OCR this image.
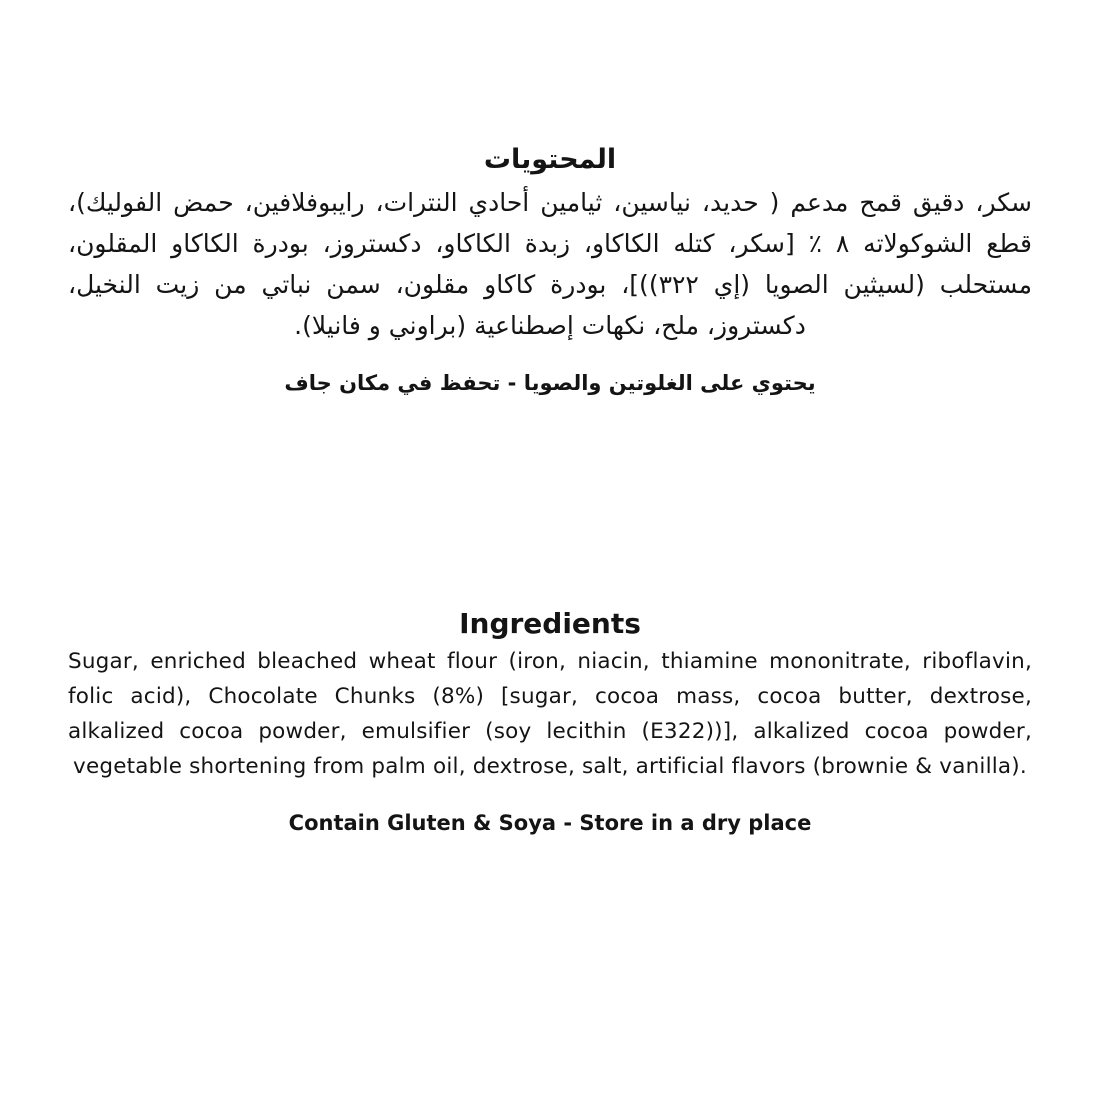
المحتويات

سكر، دقيق قمح مدعم ( حديد، نياسين، ثيامين أحادي النترات، رايبوفلافين، حمض الفوليك)، قطع الشوكولاته ٨ ٪ [سكر، كتله الكاكاو، زبدة الكاكاو، دكستروز، بودرة الكاكاو المقلون، مستحلب (لسيثين الصويا (إي ٣٢٢))]، بودرة كاكاو مقلون، سمن نباتي من زيت النخيل، دكستروز، ملح، نكهات إصطناعية (براوني و فانيلا).

يحتوي على الغلوتين والصويا - تحفظ في مكان جاف

Ingredients

Sugar, enriched bleached wheat flour (iron, niacin, thiamine mononitrate, riboflavin, folic acid), Chocolate Chunks (8%) [sugar, cocoa mass, cocoa butter, dextrose, alkalized cocoa powder, emulsifier (soy lecithin (E322))], alkalized cocoa powder, vegetable shortening from palm oil, dextrose, salt, artificial flavors (brownie & vanilla).

Contain Gluten & Soya - Store in a dry place
